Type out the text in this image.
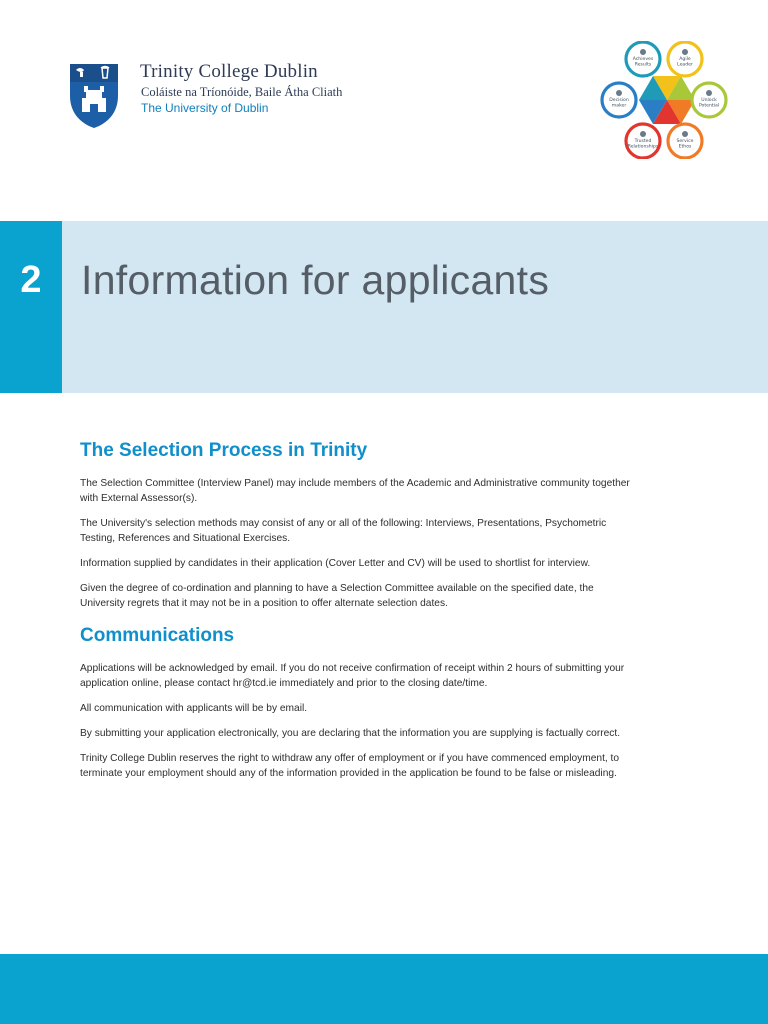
Trinity College Dublin
Coláiste na Tríonóide, Baile Átha Cliath
The University of Dublin
Achieves
Results
Agile
Leader
Unlock
Potential
Service
Ethos
Trusted
Relationships
Decision
maker
2 Information for applicants
The Selection Process in Trinity

The Selection Committee (Interview Panel) may include members of the Academic and Administrative community together with External Assessor(s).

The University's selection methods may consist of any or all of the following: Interviews, Presentations, Psychometric Testing, References and Situational Exercises.

Information supplied by candidates in their application (Cover Letter and CV) will be used to shortlist for interview.

Given the degree of co-ordination and planning to have a Selection Committee available on the specified date, the University regrets that it may not be in a position to offer alternate selection dates.

Communications

Applications will be acknowledged by email. If you do not receive confirmation of receipt within 2 hours of submitting your application online, please contact hr@tcd.ie immediately and prior to the closing date/time.

All communication with applicants will be by email.

By submitting your application electronically, you are declaring that the information you are supplying is factually correct.

Trinity College Dublin reserves the right to withdraw any offer of employment or if you have commenced employment, to terminate your employment should any of the information provided in the application be found to be false or misleading.
